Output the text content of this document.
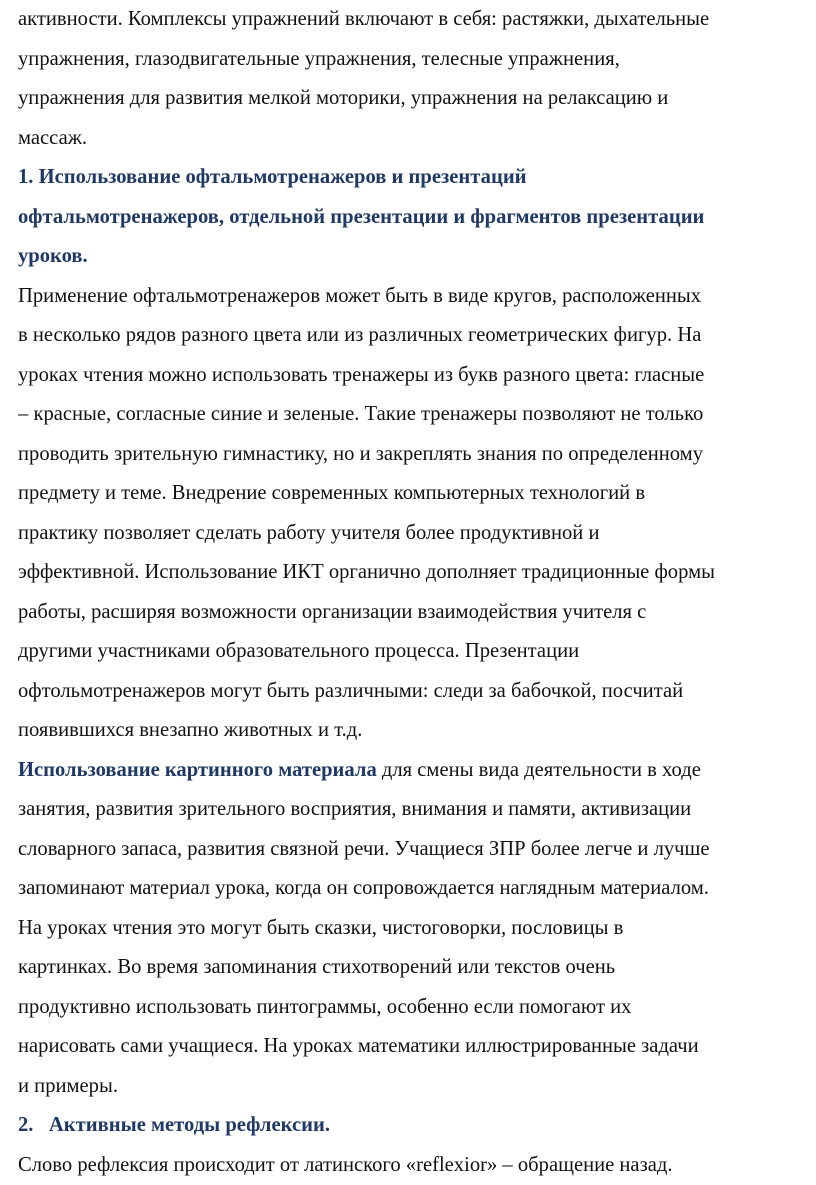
активности. Комплексы упражнений включают в себя: растяжки, дыхательные
упражнения, глазодвигательные упражнения, телесные упражнения,
упражнения для развития мелкой моторики, упражнения на релаксацию и
массаж.
1. Использование офтальмотренажеров и презентаций
офтальмотренажеров, отдельной презентации и фрагментов презентации
уроков.
Применение офтальмотренажеров может быть в виде кругов, расположенных
в несколько рядов разного цвета или из различных геометрических фигур. На
уроках чтения можно использовать тренажеры из букв разного цвета: гласные
– красные, согласные синие и зеленые. Такие тренажеры позволяют не только
проводить зрительную гимнастику, но и закреплять знания по определенному
предмету и теме. Внедрение современных компьютерных технологий в
практику позволяет сделать работу учителя более продуктивной и
эффективной. Использование ИКТ органично дополняет традиционные формы
работы, расширяя возможности организации взаимодействия учителя с
другими участниками образовательного процесса. Презентации
офтольмотренажеров могут быть различными: следи за бабочкой, посчитай
появившихся внезапно животных и т.д.
Использование картинного материала для смены вида деятельности в ходе
занятия, развития зрительного восприятия, внимания и памяти, активизации
словарного запаса, развития связной речи. Учащиеся ЗПР более легче и лучше
запоминают материал урока, когда он сопровождается наглядным материалом.
На уроках чтения это могут быть сказки, чистоговорки, пословицы в
картинках. Во время запоминания стихотворений или текстов очень
продуктивно использовать пинтограммы, особенно если помогают их
нарисовать сами учащиеся. На уроках математики иллюстрированные задачи
и примеры.
2. Активные методы рефлексии.
Слово рефлексия происходит от латинского «reflexior» – обращение назад.
